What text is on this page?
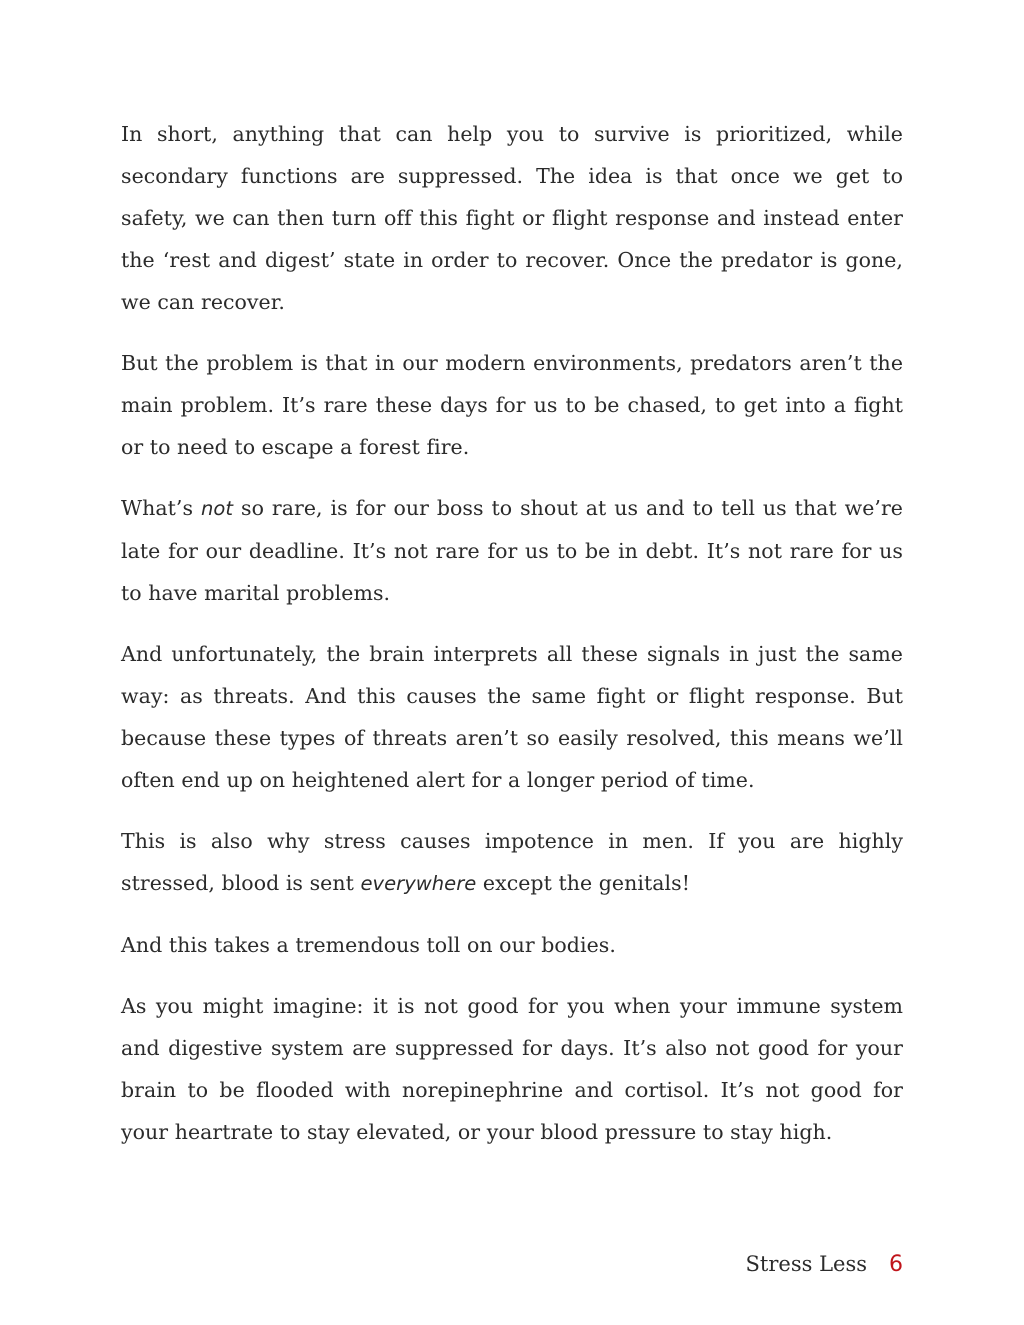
In short, anything that can help you to survive is prioritized, while secondary functions are suppressed. The idea is that once we get to safety, we can then turn off this fight or flight response and instead enter the ‘rest and digest’ state in order to recover. Once the predator is gone, we can recover.

But the problem is that in our modern environments, predators aren’t the main problem. It’s rare these days for us to be chased, to get into a fight or to need to escape a forest fire.

What’s not so rare, is for our boss to shout at us and to tell us that we’re late for our deadline. It’s not rare for us to be in debt. It’s not rare for us to have marital problems.

And unfortunately, the brain interprets all these signals in just the same way: as threats. And this causes the same fight or flight response. But because these types of threats aren’t so easily resolved, this means we’ll often end up on heightened alert for a longer period of time.

This is also why stress causes impotence in men. If you are highly stressed, blood is sent everywhere except the genitals!

And this takes a tremendous toll on our bodies.

As you might imagine: it is not good for you when your immune system and digestive system are suppressed for days. It’s also not good for your brain to be flooded with norepinephrine and cortisol. It’s not good for your heartrate to stay elevated, or your blood pressure to stay high.

Stress Less 6
